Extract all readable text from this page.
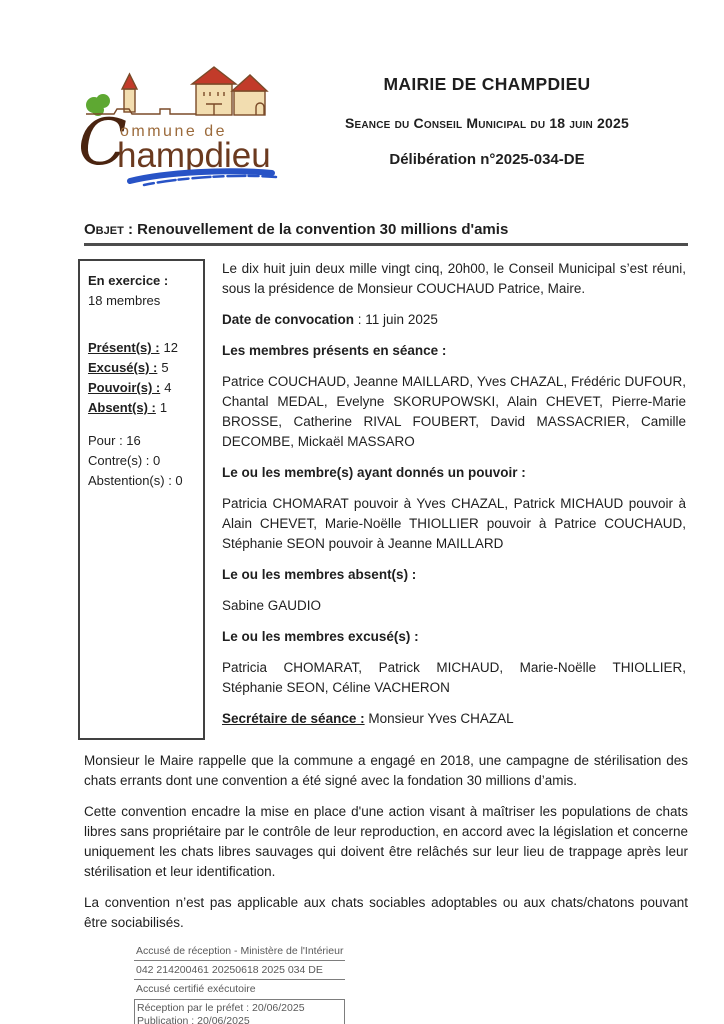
C
ommune de
hampdieu
MAIRIE DE CHAMPDIEU
Seance du Conseil Municipal du 18 juin 2025
Délibération n°2025-034-DE
Objet : Renouvellement de la convention 30 millions d'amis
En exercice :
18 membres
Présent(s) : 12
Excusé(s) : 5
Pouvoir(s) : 4
Absent(s) : 1
Pour : 16
Contre(s) : 0
Abstention(s) : 0

Le dix huit juin deux mille vingt cinq, 20h00, le Conseil Municipal s’est réuni, sous la présidence de Monsieur COUCHAUD Patrice, Maire.

Date de convocation : 11 juin 2025

Les membres présents en séance :

Patrice COUCHAUD, Jeanne MAILLARD, Yves CHAZAL, Frédéric DUFOUR, Chantal MEDAL, Evelyne SKORUPOWSKI, Alain CHEVET, Pierre-Marie BROSSE, Catherine RIVAL FOUBERT, David MASSACRIER, Camille DECOMBE, Mickaël MASSARO

Le ou les membre(s) ayant donnés un pouvoir :

Patricia CHOMARAT pouvoir à Yves CHAZAL, Patrick MICHAUD pouvoir à Alain CHEVET, Marie-Noëlle THIOLLIER pouvoir à Patrice COUCHAUD, Stéphanie SEON pouvoir à Jeanne MAILLARD

Le ou les membres absent(s) :

Sabine GAUDIO

Le ou les membres excusé(s) :

Patricia CHOMARAT, Patrick MICHAUD, Marie-Noëlle THIOLLIER, Stéphanie SEON, Céline VACHERON

Secrétaire de séance : Monsieur Yves CHAZAL

Monsieur le Maire rappelle que la commune a engagé en 2018, une campagne de stérilisation des chats errants dont une convention a été signé avec la fondation 30 millions d’amis.

Cette convention encadre la mise en place d'une action visant à maîtriser les populations de chats libres sans propriétaire par le contrôle de leur reproduction, en accord avec la législation et concerne uniquement les chats libres sauvages qui doivent être relâchés sur leur lieu de trappage après leur stérilisation et leur identification.

La convention n’est pas applicable aux chats sociables adoptables ou aux chats/chatons pouvant être sociabilisés.

Accusé de réception - Ministère de l'Intérieur
042 214200461 20250618 2025 034 DE
Accusé certifié exécutoire
Réception par le préfet : 20/06/2025
Publication : 20/06/2025
